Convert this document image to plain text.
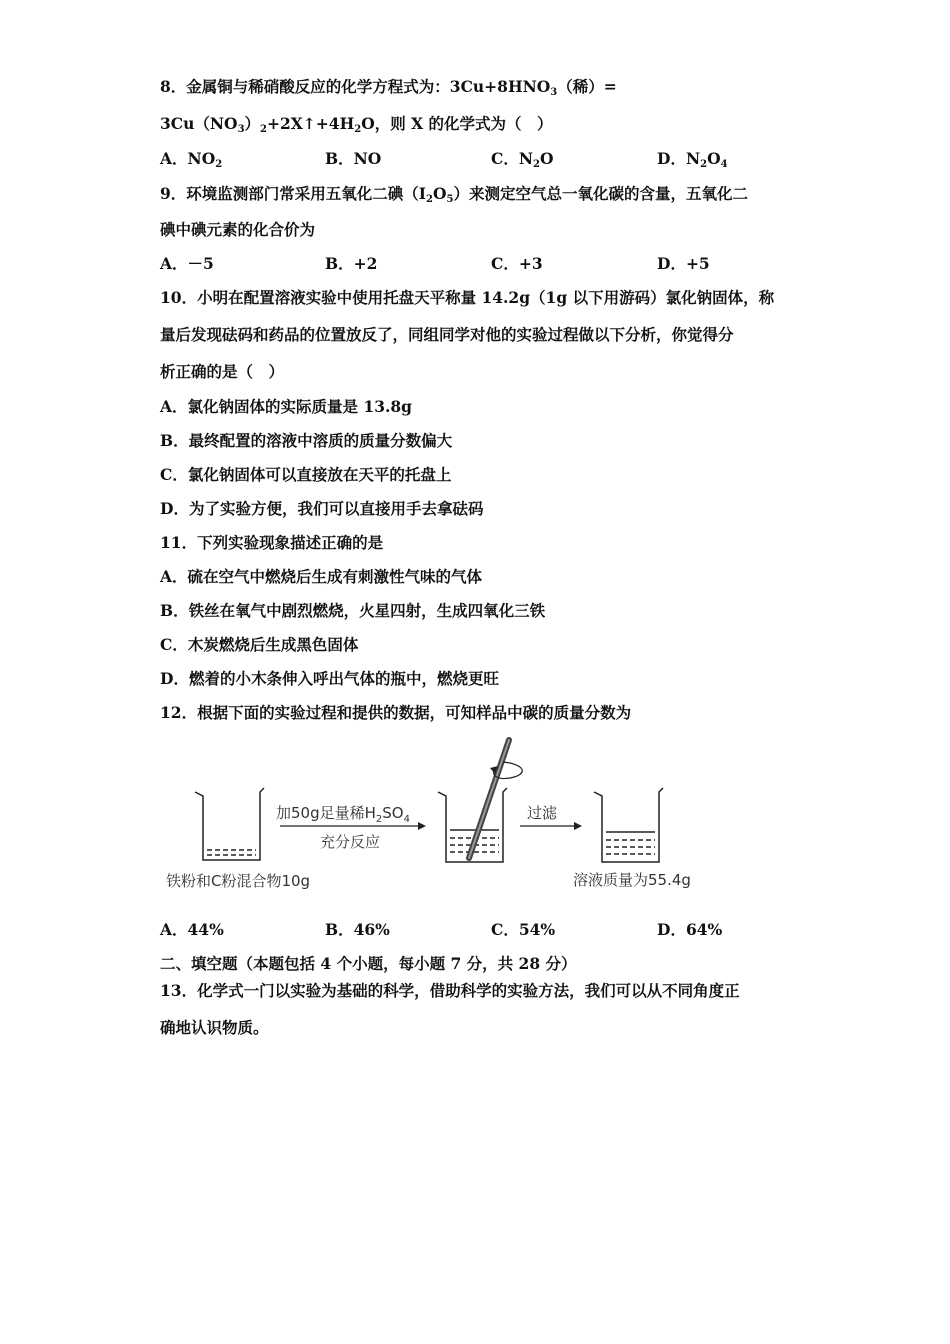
8．金属铜与稀硝酸反应的化学方程式为：$3Cu+8HNO_3$（稀）=
$3Cu(NO_3)_2+2X↑+4H_2O$，则 X 的化学式为（　）
A．$NO_2$	B．NO	C．$N_2O$	D．$N_2O_4$
9．环境监测部门常采用五氧化二碘$(I_2O_5)$来测定空气总一氧化碳的含量，五氧化二
碘中碘元素的化合价为
A．－5	B．+2	C．+3	D．+5
10．小明在配置溶液实验中使用托盘天平称量 14.2g（1g 以下用游码）氯化钠固体，称
量后发现砝码和药品的位置放反了，同组同学对他的实验过程做以下分析，你觉得分
析正确的是（　）
A．氯化钠固体的实际质量是 13.8g
B．最终配置的溶液中溶质的质量分数偏大
C．氯化钠固体可以直接放在天平的托盘上
D．为了实验方便，我们可以直接用手去拿砝码
11．下列实验现象描述正确的是
A．硫在空气中燃烧后生成有刺激性气味的气体
B．铁丝在氧气中剧烈燃烧，火星四射，生成四氧化三铁
C．木炭燃烧后生成黑色固体
D．燃着的小木条伸入呼出气体的瓶中，燃烧更旺
12．根据下面的实验过程和提供的数据，可知样品中碳的质量分数为
加50g足量稀$H_2SO_4$
充分反应
过滤
铁粉和C粉混合物10g	溶液质量为55.4g
A．44%	B．46%	C．54%	D．64%
二、填空题（本题包括 4 个小题，每小题 7 分，共 28 分）
13．化学式一门以实验为基础的科学，借助科学的实验方法，我们可以从不同角度正
确地认识物质。
